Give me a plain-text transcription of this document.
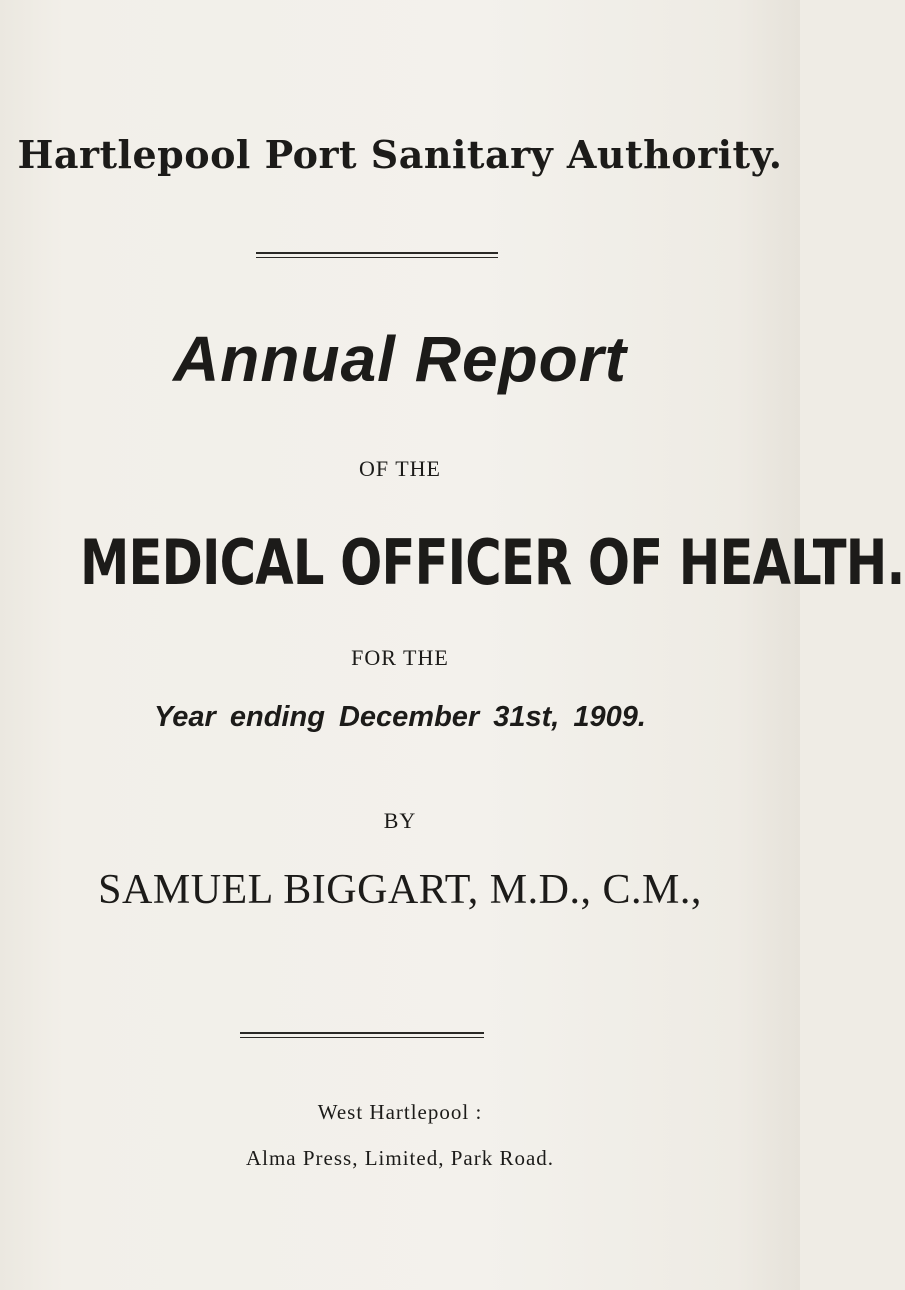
Hartlepool Port Sanitary Authority.
Annual Report
OF THE
MEDICAL OFFICER OF HEALTH.
FOR THE
Year ending December 31st, 1909.
BY
SAMUEL BIGGART, M.D., C.M.,
West Hartlepool :
Alma Press, Limited, Park Road.
